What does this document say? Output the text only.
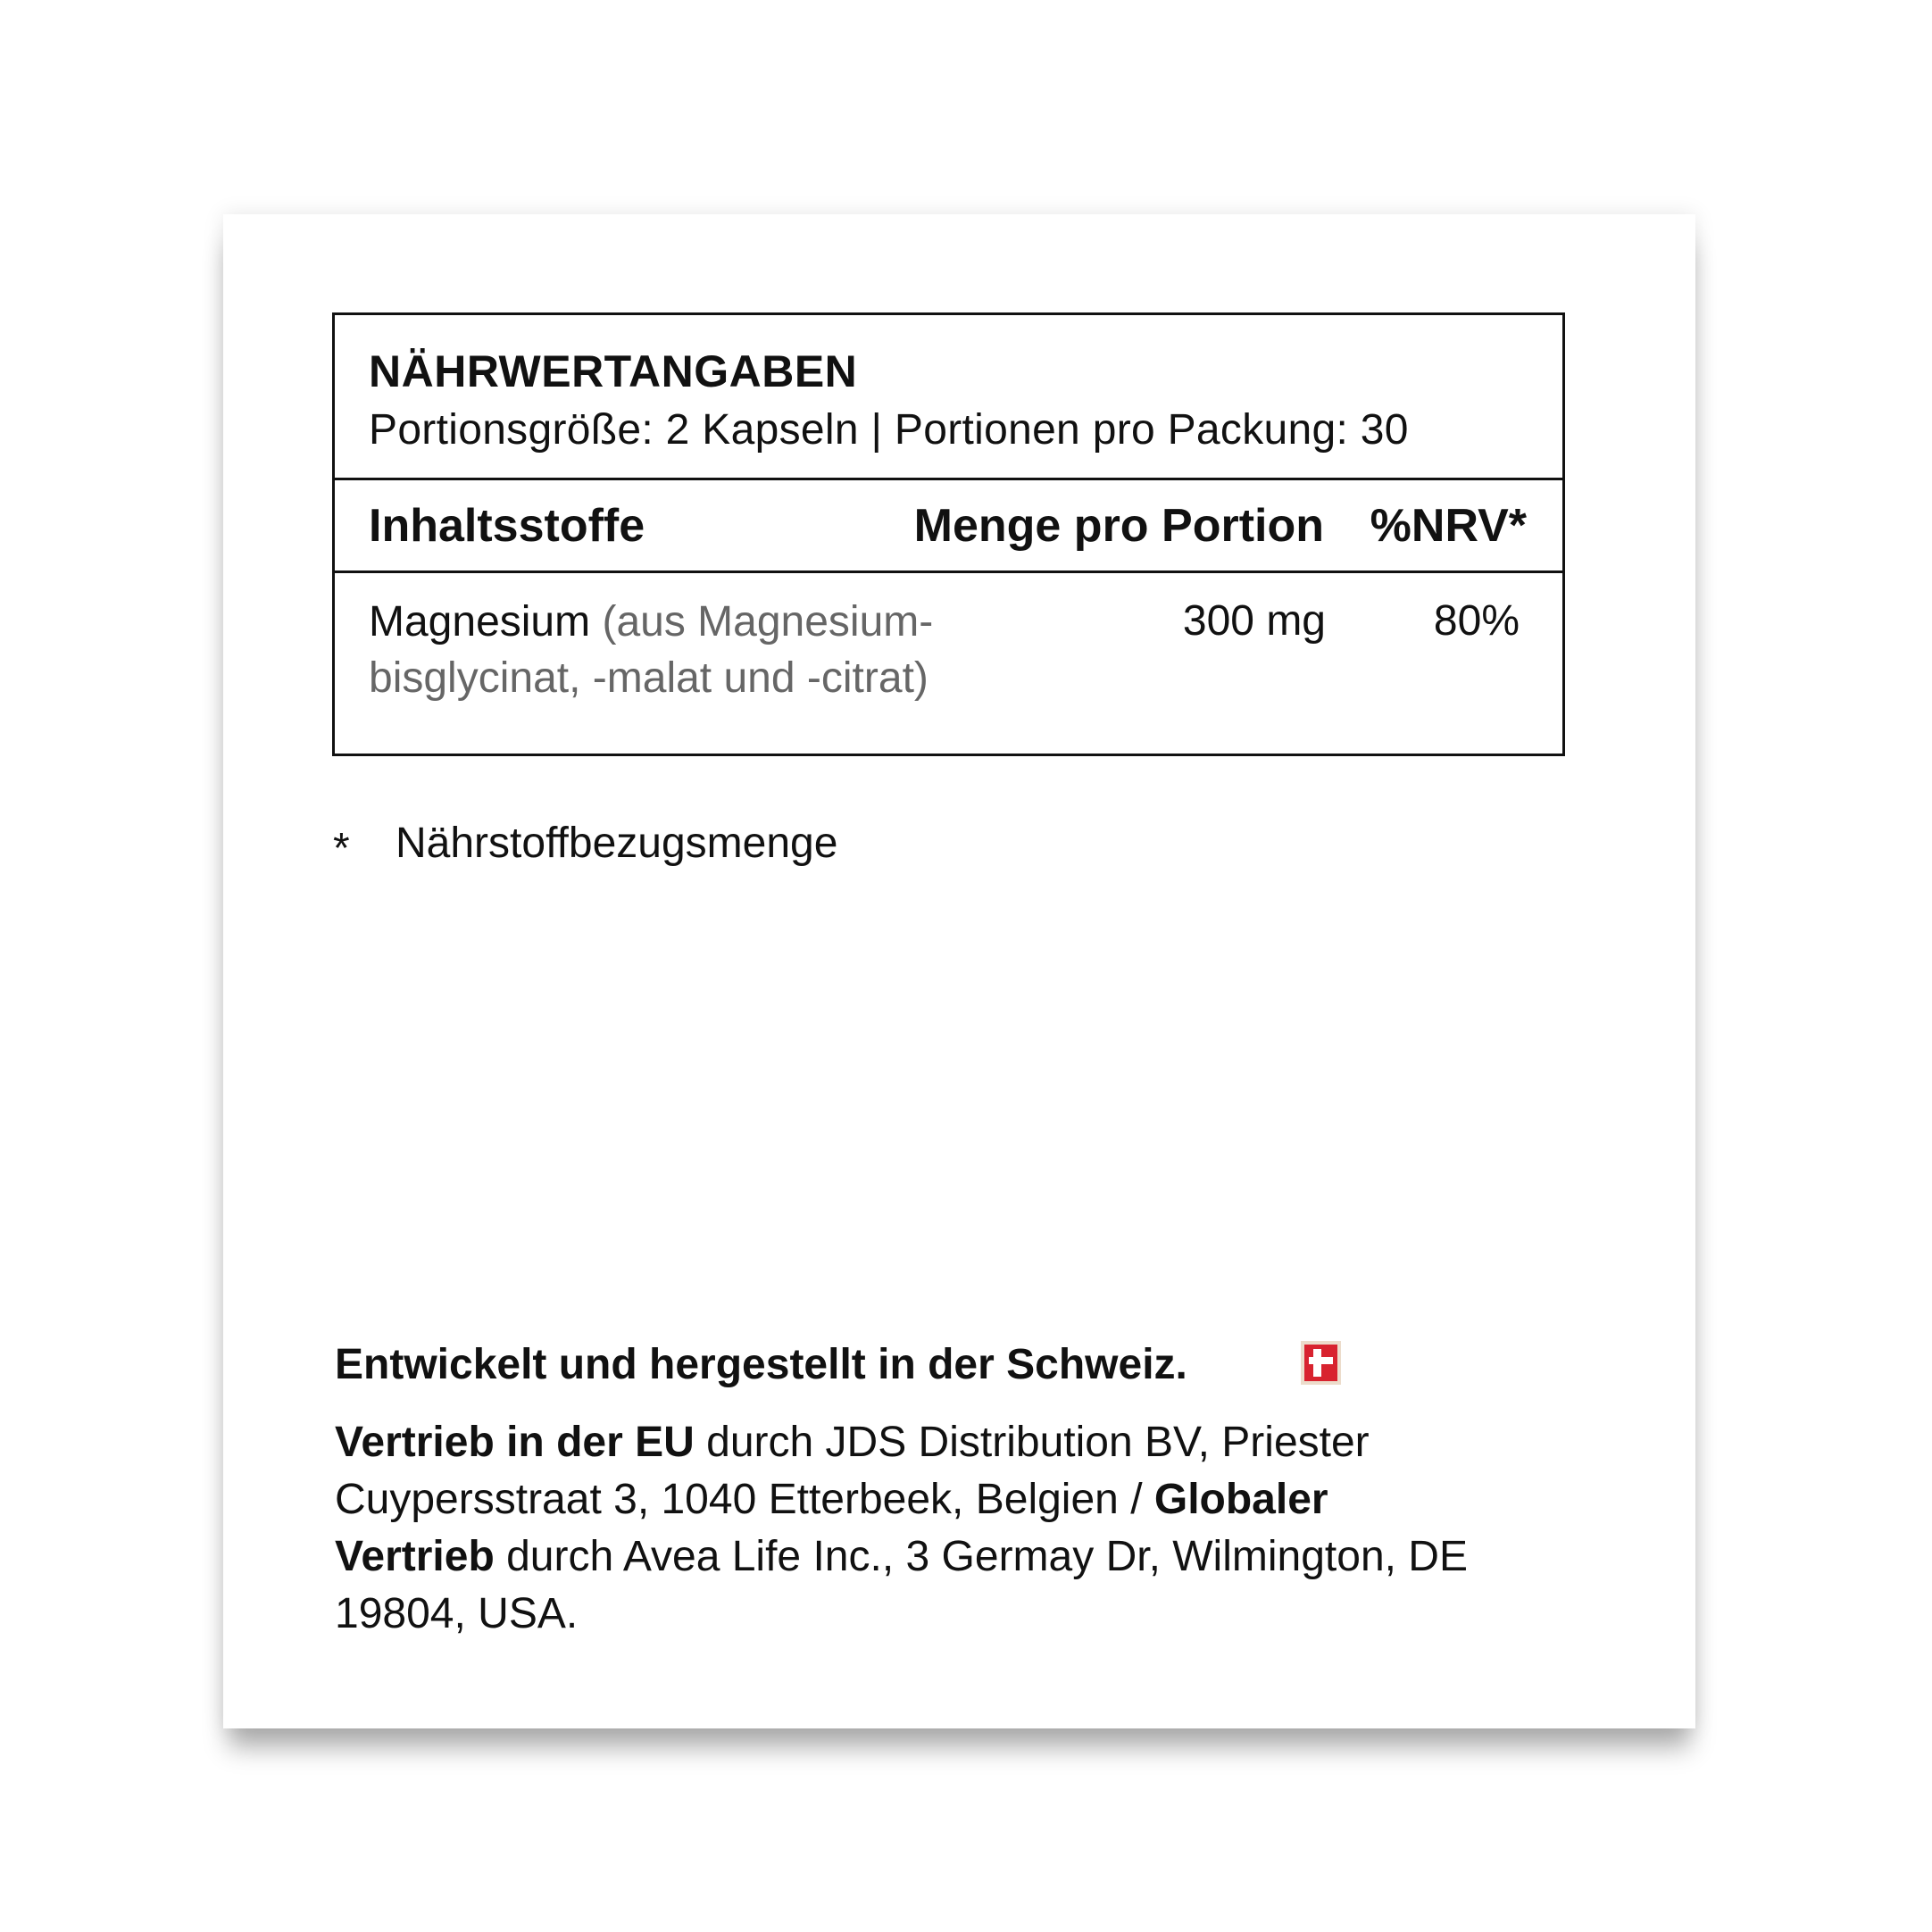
NÄHRWERTANGABEN
Portionsgröße: 2 Kapseln | Portionen pro Packung: 30
Inhaltsstoffe	Menge pro Portion %NRV*
Magnesium (aus Magnesium-bisglycinat, -malat und -citrat)
300 mg	80%
* Nährstoffbezugsmenge
Entwickelt und hergestellt in der Schweiz.
Vertrieb in der EU durch JDS Distribution BV, Priester Cuypersstraat 3, 1040 Etterbeek, Belgien / Globaler Vertrieb durch Avea Life Inc., 3 Germay Dr, Wilmington, DE 19804, USA.
